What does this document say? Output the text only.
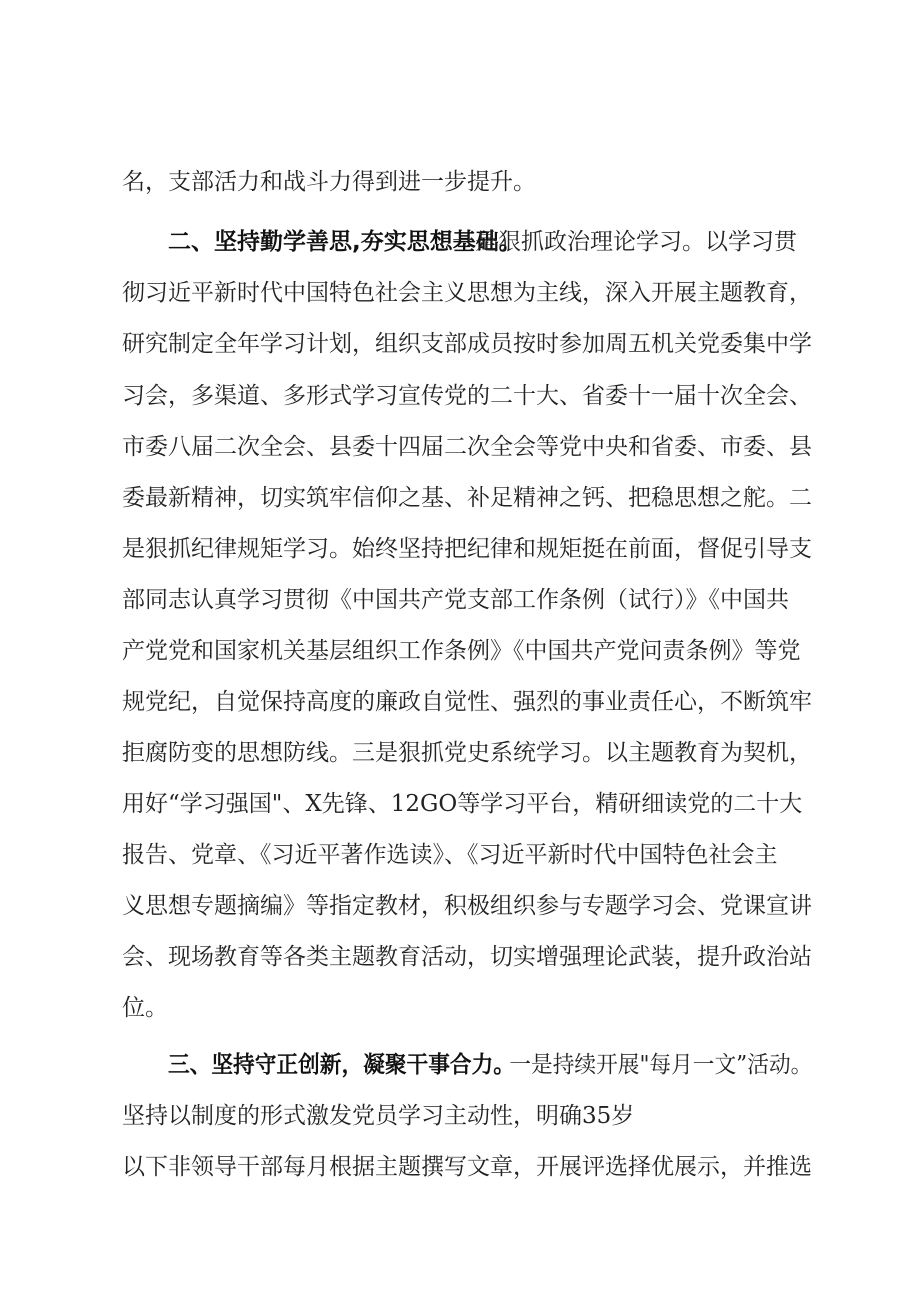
名，支部活力和战斗力得到进一步提升。
二、坚持勤学善思,夯实思想基础。
一是狠抓政治理论学习。以学习贯
彻习近平新时代中国特色社会主义思想为主线，深入开展主题教育，
研究制定全年学习计划，组织支部成员按时参加周五机关党委集中学
习会，多渠道、多形式学习宣传党的二十大、省委十一届十次全会、
市委八届二次全会、县委十四届二次全会等党中央和省委、市委、县
委最新精神，切实筑牢信仰之基、补足精神之钙、把稳思想之舵。二
是狠抓纪律规矩学习。始终坚持把纪律和规矩挺在前面，督促引导支
部同志认真学习贯彻《中国共产党支部工作条例（试行）》《中国共
产党党和国家机关基层组织工作条例》《中国共产党问责条例》等党
规党纪，自觉保持高度的廉政自觉性、强烈的事业责任心，不断筑牢
拒腐防变的思想防线。三是狠抓党史系统学习。以主题教育为契机，
用好“学习强国"、X先锋、12GO等学习平台，精研细读党的二十大
报告、党章、《习近平著作选读》、《习近平新时代中国特色社会主
义思想专题摘编》等指定教材，积极组织参与专题学习会、党课宣讲
会、现场教育等各类主题教育活动，切实增强理论武装，提升政治站
位。
三、坚持守正创新，凝聚干事合力。
一是持续开展"每月一文”活动。
坚持以制度的形式激发党员学习主动性，明确35岁
以下非领导干部每月根据主题撰写文章，开展评选择优展示，并推选
